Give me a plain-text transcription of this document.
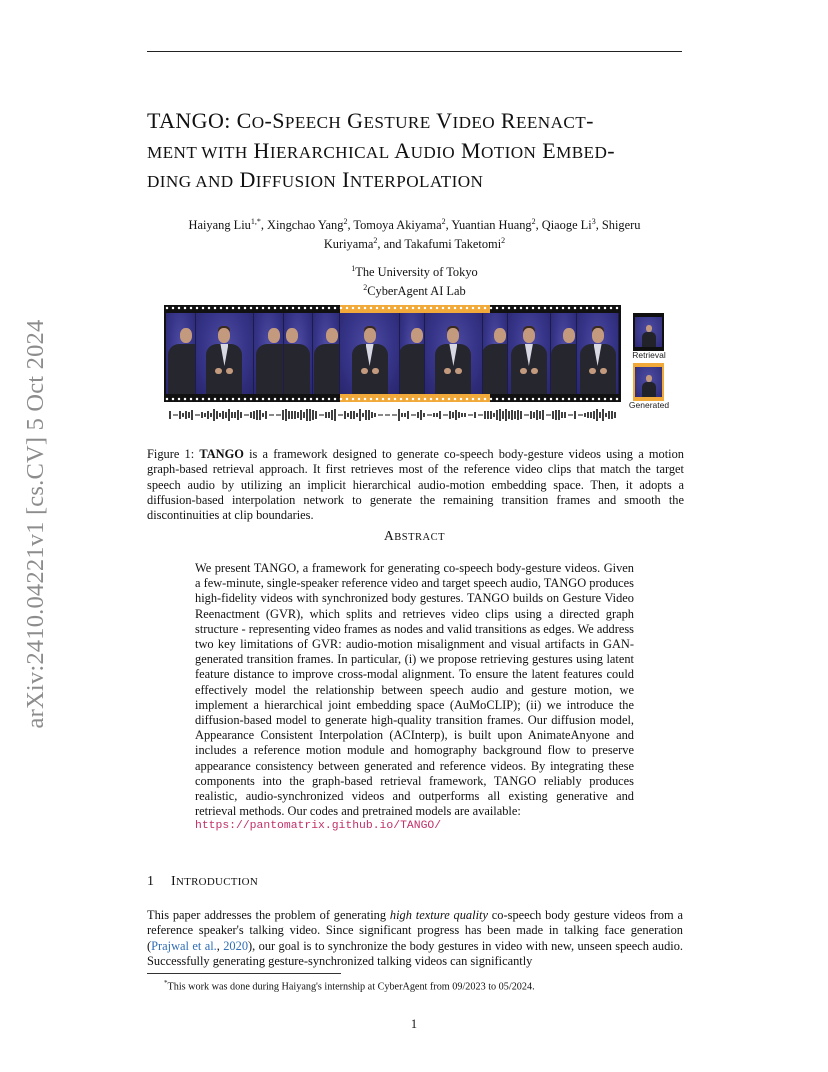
arXiv:2410.04221v1 [cs.CV] 5 Oct 2024
TANGO: CO-SPEECH GESTURE VIDEO REENACT-
MENT WITH HIERARCHICAL AUDIO MOTION EMBED-
DING AND DIFFUSION INTERPOLATION
Haiyang Liu$^{1,*}$, Xingchao Yang$^2$, Tomoya Akiyama$^2$, Yuantian Huang$^2$, Qiaoge Li$^3$, Shigeru
Kuriyama$^2$, and Takafumi Taketomi$^2$
$^1$The University of Tokyo
$^2$CyberAgent AI Lab
Retrieval
Generated
Figure 1: TANGO is a framework designed to generate co-speech body-gesture videos using a motion graph-based retrieval approach. It first retrieves most of the reference video clips that match the target speech audio by utilizing an implicit hierarchical audio-motion embedding space. Then, it adopts a diffusion-based interpolation network to generate the remaining transition frames and smooth the discontinuities at clip boundaries.
ABSTRACT
We present TANGO, a framework for generating co-speech body-gesture videos. Given a few-minute, single-speaker reference video and target speech audio, TANGO produces high-fidelity videos with synchronized body gestures. TANGO builds on Gesture Video Reenactment (GVR), which splits and retrieves video clips using a directed graph structure - representing video frames as nodes and valid transitions as edges. We address two key limitations of GVR: audio-motion misalignment and visual artifacts in GAN-generated transition frames. In particular, (i) we propose retrieving gestures using latent feature distance to improve cross-modal alignment. To ensure the latent features could effectively model the relationship between speech audio and gesture motion, we implement a hierarchical joint embedding space (AuMoCLIP); (ii) we introduce the diffusion-based model to generate high-quality transition frames. Our diffusion model, Appearance Consistent Interpolation (ACInterp), is built upon AnimateAnyone and includes a reference motion module and homography background flow to preserve appearance consistency between generated and reference videos. By integrating these components into the graph-based retrieval framework, TANGO reliably produces realistic, audio-synchronized videos and outperforms all existing generative and retrieval methods. Our codes and pretrained models are available:
https://pantomatrix.github.io/TANGO/
1 INTRODUCTION
This paper addresses the problem of generating high texture quality co-speech body gesture videos from a reference speaker's talking video. Since significant progress has been made in talking face generation (Prajwal et al., 2020), our goal is to synchronize the body gestures in video with new, unseen speech audio. Successfully generating gesture-synchronized talking videos can significantly
*This work was done during Haiyang's internship at CyberAgent from 09/2023 to 05/2024.
1
